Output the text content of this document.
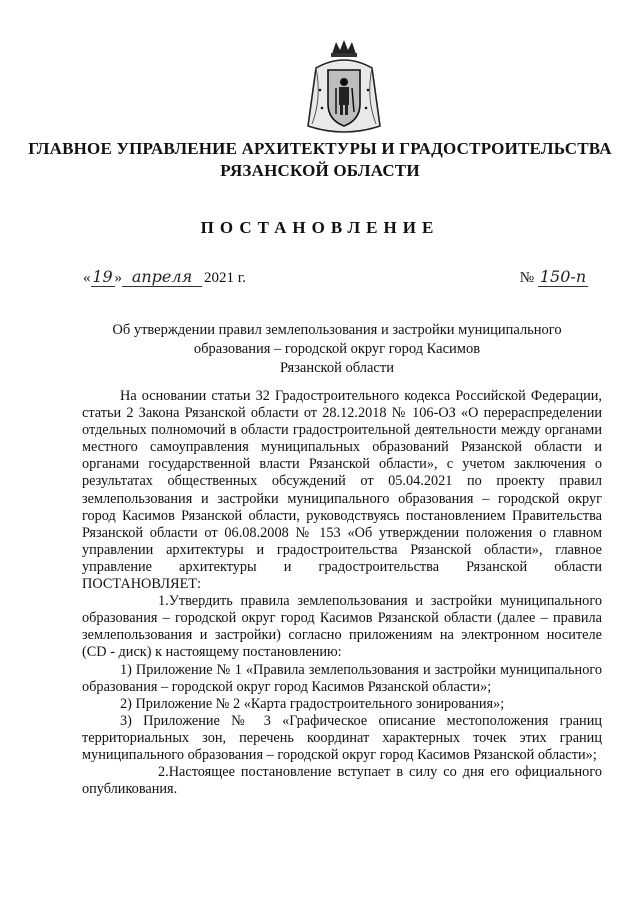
ГЛАВНОЕ УПРАВЛЕНИЕ АРХИТЕКТУРЫ И ГРАДОСТРОИТЕЛЬСТВА
РЯЗАНСКОЙ ОБЛАСТИ
ПОСТАНОВЛЕНИЕ
« 19 » апреля 2021 г.	№ 150-п
Об утверждении правил землепользования и застройки муниципального
образования – городской округ город Касимов
Рязанской области

На основании статьи 32 Градостроительного кодекса Российской Федерации, статьи 2 Закона Рязанской области от 28.12.2018 № 106-ОЗ «О перераспределении отдельных полномочий в области градостроительной деятельности между органами местного самоуправления муниципальных образований Рязанской области и органами государственной власти Рязанской области», с учетом заключения о результатах общественных обсуждений от 05.04.2021 по проекту правил землепользования и застройки муниципального образования – городской округ город Касимов Рязанской области, руководствуясь постановлением Правительства Рязанской области от 06.08.2008 № 153 «Об утверждении положения о главном управлении архитектуры и градостроительства Рязанской области», главное управление архитектуры и градостроительства Рязанской области ПОСТАНОВЛЯЕТ:

1.Утвердить правила землепользования и застройки муниципального образования – городской округ город Касимов Рязанской области (далее – правила землепользования и застройки) согласно приложениям на электронном носителе (CD - диск) к настоящему постановлению:

1) Приложение № 1 «Правила землепользования и застройки муниципального образования – городской округ город Касимов Рязанской области»;

2) Приложение № 2 «Карта градостроительного зонирования»;

3) Приложение № 3 «Графическое описание местоположения границ территориальных зон, перечень координат характерных точек этих границ муниципального образования – городской округ город Касимов Рязанской области»;

2.Настоящее постановление вступает в силу со дня его официального опубликования.
